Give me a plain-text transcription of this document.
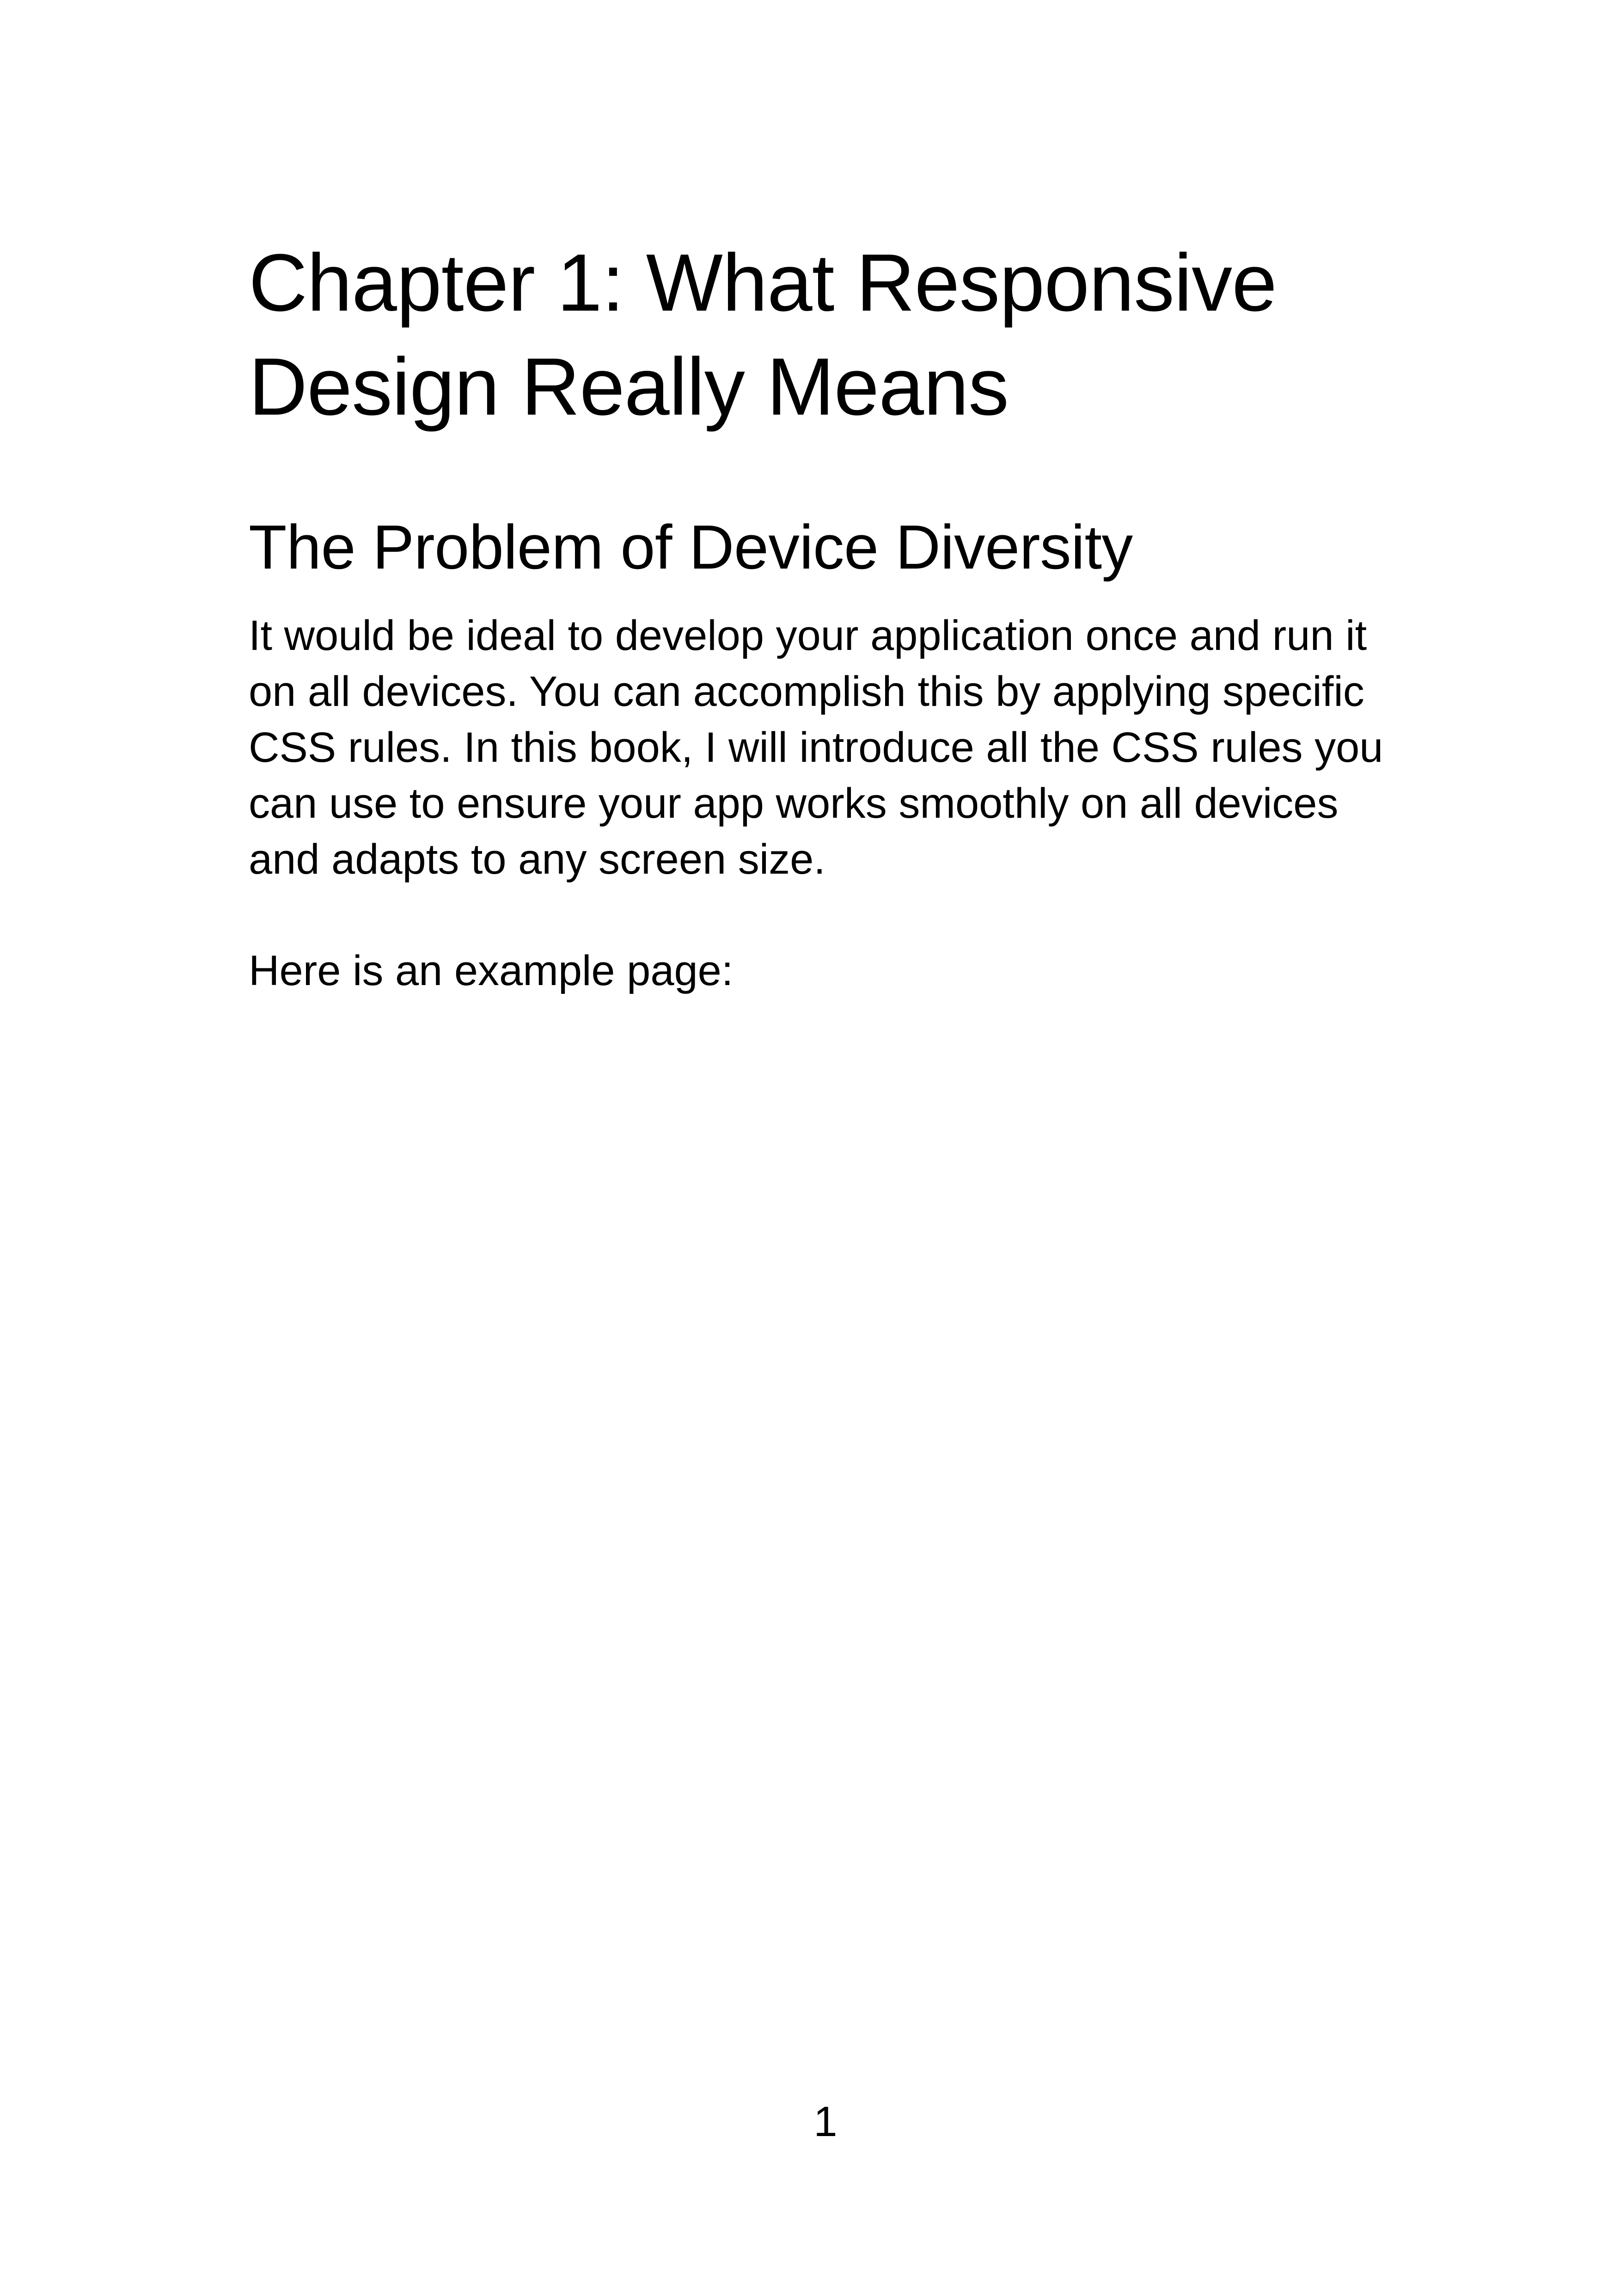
Chapter 1: What Responsive
Design Really Means
The Problem of Device Diversity

It would be ideal to develop your application once and run it
on all devices. You can accomplish this by applying specific
CSS rules. In this book, I will introduce all the CSS rules you
can use to ensure your app works smoothly on all devices
and adapts to any screen size.

Here is an example page:

1
